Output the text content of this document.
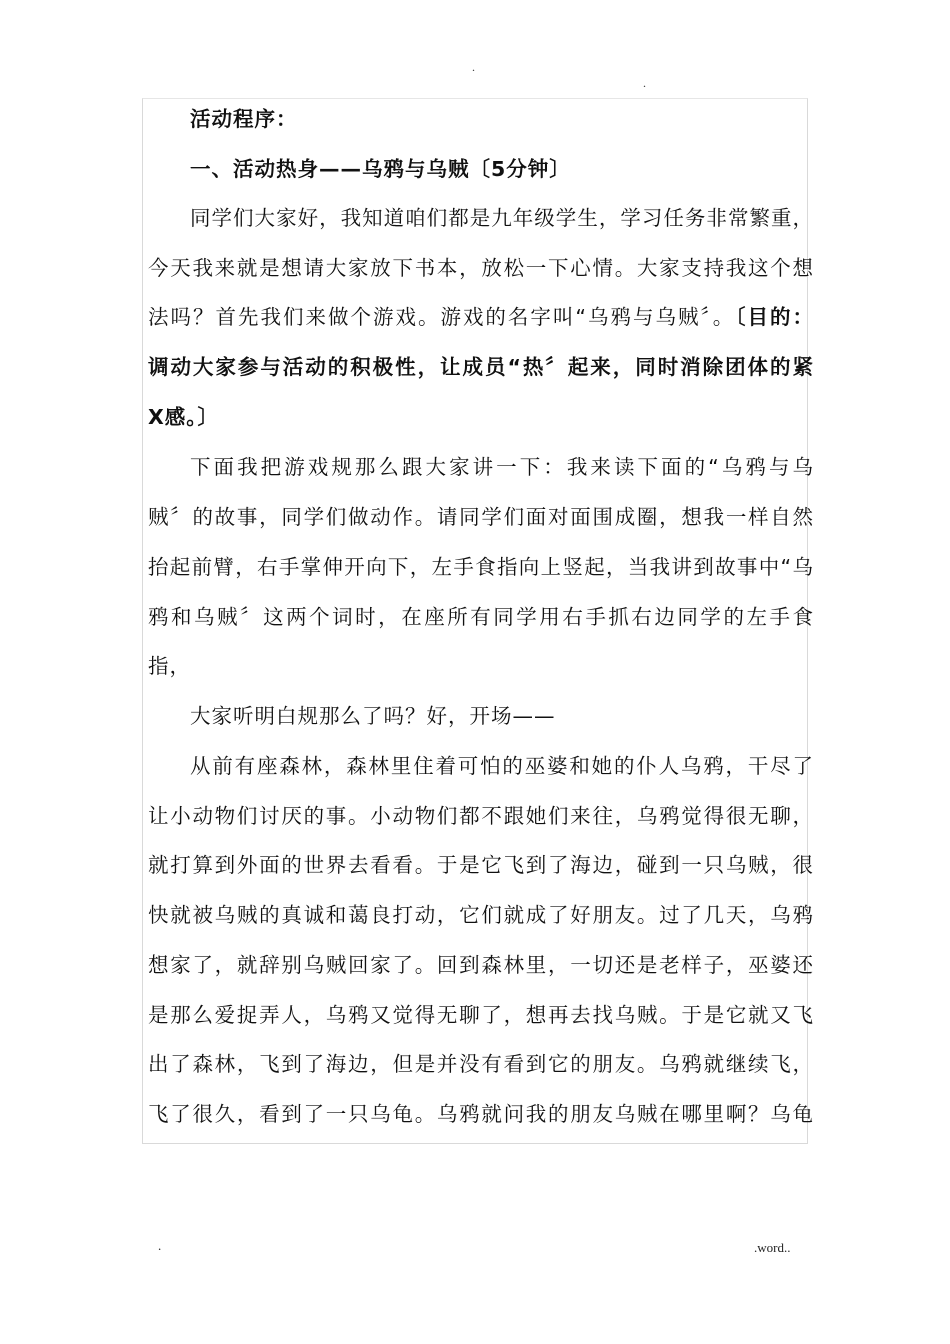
.
.
活动程序：
一、活动热身——乌鸦与乌贼〔5分钟〕
同学们大家好，我知道咱们都是九年级学生，学习任务非常繁重，
今天我来就是想请大家放下书本，放松一下心情。大家支持我这个想
法吗？首先我们来做个游戏。游戏的名字叫“乌鸦与乌贼〞。〔目的：
调动大家参与活动的积极性，让成员“热〞起来，同时消除团体的紧
X感。〕
下面我把游戏规那么跟大家讲一下：我来读下面的“乌鸦与乌
贼〞的故事，同学们做动作。请同学们面对面围成圈，想我一样自然
抬起前臂，右手掌伸开向下，左手食指向上竖起，当我讲到故事中“乌
鸦和乌贼〞这两个词时，在座所有同学用右手抓右边同学的左手食
指，
大家听明白规那么了吗？好，开场——
从前有座森林，森林里住着可怕的巫婆和她的仆人乌鸦，干尽了
让小动物们讨厌的事。小动物们都不跟她们来往，乌鸦觉得很无聊，
就打算到外面的世界去看看。于是它飞到了海边，碰到一只乌贼，很
快就被乌贼的真诚和蔼良打动，它们就成了好朋友。过了几天，乌鸦
想家了，就辞别乌贼回家了。回到森林里，一切还是老样子，巫婆还
是那么爱捉弄人，乌鸦又觉得无聊了，想再去找乌贼。于是它就又飞
出了森林，飞到了海边，但是并没有看到它的朋友。乌鸦就继续飞，
飞了很久，看到了一只乌龟。乌鸦就问我的朋友乌贼在哪里啊？乌龟
.	.word..
